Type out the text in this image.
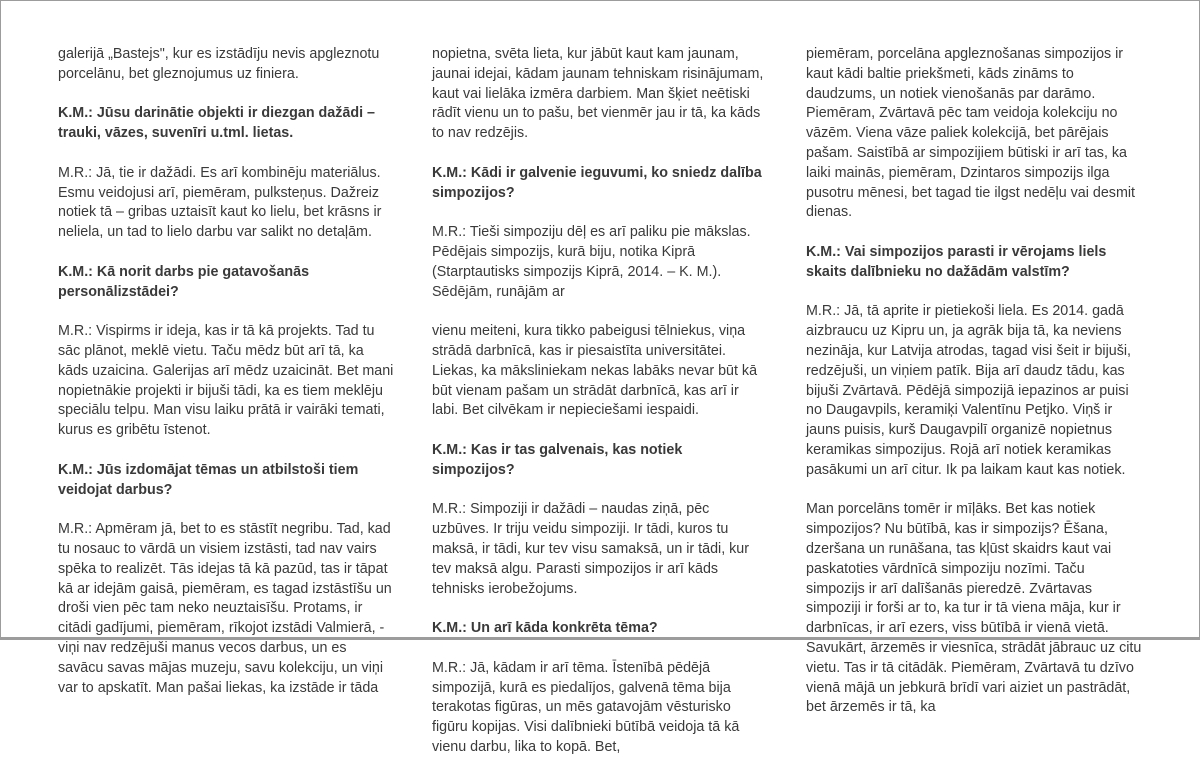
galerijā „Bastejs", kur es izstādīju nevis apgleznotu porcelānu, bet gleznojumus uz finiera.

K.M.: Jūsu darinātie objekti ir diezgan dažādi – trauki, vāzes, suvenīri u.tml. lietas.

M.R.: Jā, tie ir dažādi. Es arī kombinēju materiālus. Esmu veidojusi arī, piemēram, pulksteņus. Dažreiz notiek tā – gribas uztaisīt kaut ko lielu, bet krāsns ir neliela, un tad to lielo darbu var salikt no detaļām.

K.M.: Kā norit darbs pie gatavošanās personālizstādei?

M.R.: Vispirms ir ideja, kas ir tā kā projekts. Tad tu sāc plānot, meklē vietu. Taču mēdz būt arī tā, ka kāds uzaicina. Galerijas arī mēdz uzaicināt. Bet mani nopietnākie projekti ir bijuši tādi, ka es tiem meklēju speciālu telpu. Man visu laiku prātā ir vairāki temati, kurus es gribētu īstenot.

K.M.: Jūs izdomājat tēmas un atbilstoši tiem veidojat darbus?

M.R.: Apmēram jā, bet to es stāstīt negribu. Tad, kad tu nosauc to vārdā un visiem izstāsti, tad nav vairs spēka to realizēt. Tās idejas tā kā pazūd, tas ir tāpat kā ar idejām gaisā, piemēram, es tagad izstāstīšu un droši vien pēc tam neko neuztaisīšu. Protams, ir citādi gadījumi, piemēram, rīkojot izstādi Valmierā, - viņi nav redzējuši manus vecos darbus, un es savācu savas mājas muzeju, savu kolekciju, un viņi var to apskatīt. Man pašai liekas, ka izstāde ir tāda

nopietna, svēta lieta, kur jābūt kaut kam jaunam, jaunai idejai, kādam jaunam tehniskam risinājumam, kaut vai lielāka izmēra darbiem. Man šķiet neētiski rādīt vienu un to pašu, bet vienmēr jau ir tā, ka kāds to nav redzējis.

K.M.: Kādi ir galvenie ieguvumi, ko sniedz dalība simpozijos?

M.R.: Tieši simpoziju dēļ es arī paliku pie mākslas. Pēdējais simpozijs, kurā biju, notika Kiprā (Starptautisks simpozijs Kiprā, 2014. – K. M.). Sēdējām, runājām ar

vienu meiteni, kura tikko pabeigusi tēlniekus, viņa strādā darbnīcā, kas ir piesaistīta universitātei. Liekas, ka māksliniekam nekas labāks nevar būt kā būt vienam pašam un strādāt darbnīcā, kas arī ir labi. Bet cilvēkam ir nepieciešami iespaidi.

K.M.: Kas ir tas galvenais, kas notiek simpozijos?

M.R.: Simpoziji ir dažādi – naudas ziņā, pēc uzbūves. Ir triju veidu simpoziji. Ir tādi, kuros tu maksā, ir tādi, kur tev visu samaksā, un ir tādi, kur tev maksā algu. Parasti simpozijos ir arī kāds tehnisks ierobežojums.

K.M.: Un arī kāda konkrēta tēma?

M.R.: Jā, kādam ir arī tēma. Īstenībā pēdējā simpozijā, kurā es piedalījos, galvenā tēma bija terakotas figūras, un mēs gatavojām vēsturisko figūru kopijas. Visi dalībnieki būtībā veidoja tā kā vienu darbu, lika to kopā. Bet,

piemēram, porcelāna apgleznošanas simpozijos ir kaut kādi baltie priekšmeti, kāds zināms to daudzums, un notiek vienošanās par darāmo. Piemēram, Zvārtavā pēc tam veidoja kolekciju no vāzēm. Viena vāze paliek kolekcijā, bet pārējais pašam. Saistībā ar simpozijiem būtiski ir arī tas, ka laiki mainās, piemēram, Dzintaros simpozijs ilga pusotru mēnesi, bet tagad tie ilgst nedēļu vai desmit dienas.

K.M.: Vai simpozijos parasti ir vērojams liels skaits dalībnieku no dažādām valstīm?

M.R.: Jā, tā aprite ir pietiekoši liela. Es 2014. gadā aizbraucu uz Kipru un, ja agrāk bija tā, ka neviens nezināja, kur Latvija atrodas, tagad visi šeit ir bijuši, redzējuši, un viņiem patīk. Bija arī daudz tādu, kas bijuši Zvārtavā. Pēdējā simpozijā iepazinos ar puisi no Daugavpils, keramiķi Valentīnu Petjko. Viņš ir jauns puisis, kurš Daugavpilī organizē nopietnus keramikas simpozijus. Rojā arī notiek keramikas pasākumi un arī citur. Ik pa laikam kaut kas notiek.

Man porcelāns tomēr ir mīļāks. Bet kas notiek simpozijos? Nu būtībā, kas ir simpozijs? Ēšana, dzeršana un runāšana, tas kļūst skaidrs kaut vai paskatoties vārdnīcā simpoziju nozīmi. Taču simpozijs ir arī dalīšanās pieredzē. Zvārtavas simpoziji ir forši ar to, ka tur ir tā viena māja, kur ir darbnīcas, ir arī ezers, viss būtībā ir vienā vietā. Savukārt, ārzemēs ir viesnīca, strādāt jābrauc uz citu vietu. Tas ir tā citādāk. Piemēram, Zvārtavā tu dzīvo vienā mājā un jebkurā brīdī vari aiziet un pastrādāt, bet ārzemēs ir tā, ka
